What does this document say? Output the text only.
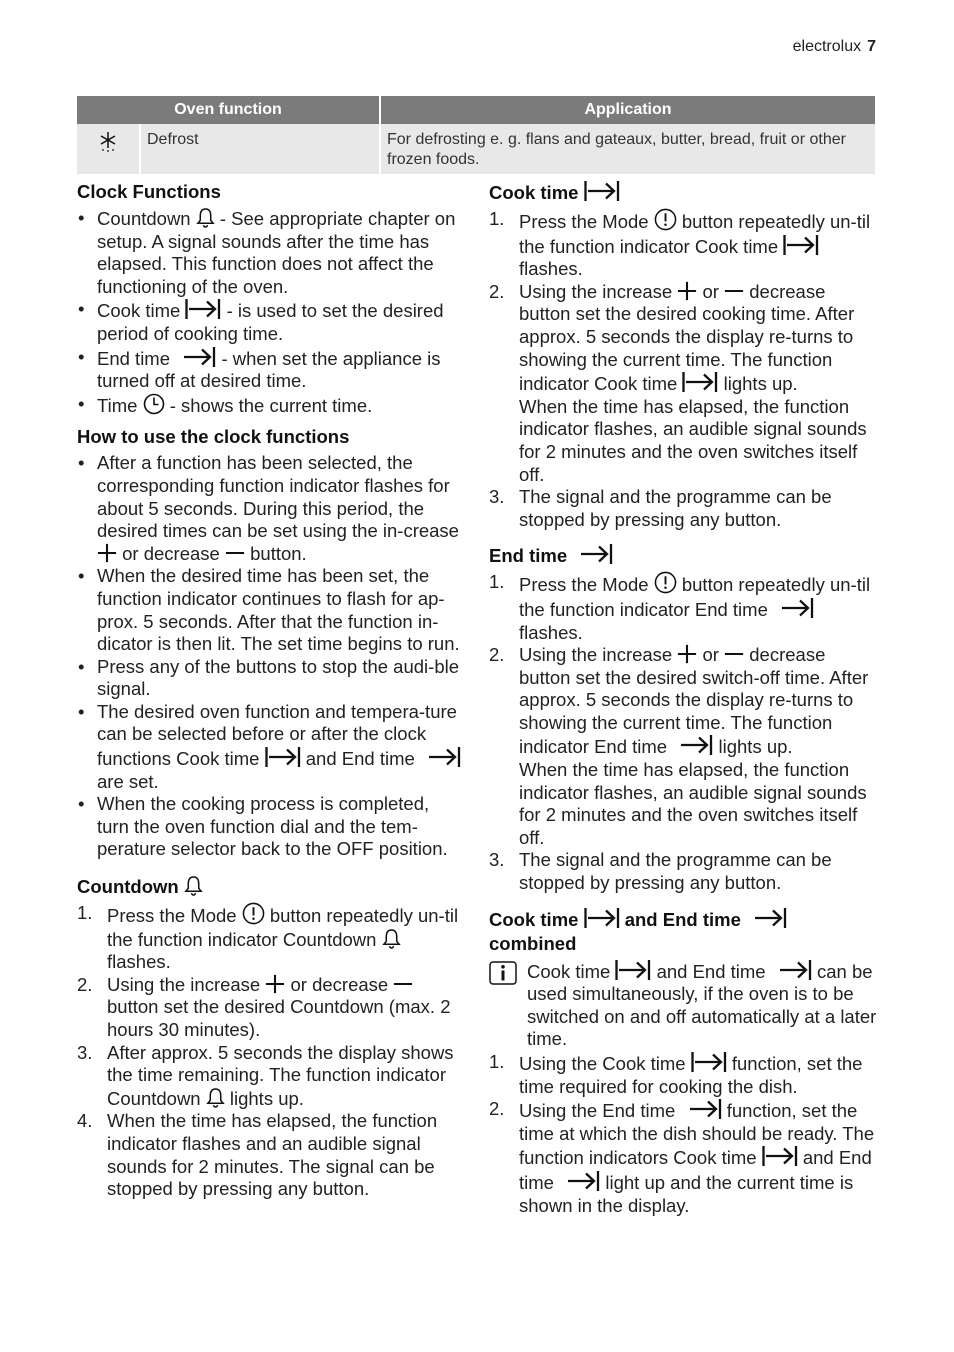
electrolux 7
Oven function		Application
	Defrost	For defrosting e. g. flans and gateaux, butter, bread, fruit or other frozen foods.
Clock Functions
• Countdown - See appropriate chapter on setup. A signal sounds after the time has elapsed. This function does not affect the functioning of the oven.
• Cook time	- is used to set the desired period of cooking time.
• End time	- when set the appliance is turned off at desired time.
• Time - shows the current time.
How to use the clock functions
• After a function has been selected, the corresponding function indicator flashes for about 5 seconds. During this period, the desired times can be set using the in-crease  or decrease button.
• When the desired time has been set, the function indicator continues to flash for ap-prox. 5 seconds. After that the function in-dicator is then lit. The set time begins to run.
• Press any of the buttons to stop the audi-ble signal.
• The desired oven function and tempera-ture can be selected before or after the clock functions Cook time	and End time   are set.
• When the cooking process is completed, turn the oven function dial and the tem-perature selector back to the OFF position.
Countdown
1. Press the Mode button repeatedly un-til the function indicator Countdown  flashes.
2. Using the increase or decrease  button set the desired Countdown (max. 2 hours 30 minutes).
3. After approx. 5 seconds the display shows the time remaining. The function indicator Countdown lights up.
4. When the time has elapsed, the function indicator flashes and an audible signal sounds for 2 minutes. The signal can be stopped by pressing any button.
Cook time
1. Press the Mode button repeatedly un-til the function indicator Cook time  flashes.
2. Using the increase or decrease button set the desired cooking time. After approx. 5 seconds the display re-turns to showing the current time. The function indicator Cook time	lights up.
When the time has elapsed, the function indicator flashes, an audible signal sounds for 2 minutes and the oven switches itself off.
3. The signal and the programme can be stopped by pressing any button.
End time
1. Press the Mode button repeatedly un-til the function indicator End time   flashes.
2. Using the increase or decrease button set the desired switch-off time. After approx. 5 seconds the display re-turns to showing the current time. The function indicator End time	lights up.
When the time has elapsed, the function indicator flashes, an audible signal sounds for 2 minutes and the oven switches itself off.
3. The signal and the programme can be stopped by pressing any button.
Cook time	and End time
combined

Cook time	and End time	can be used simultaneously, if the oven is to be switched on and off automatically at a later time.

1. Using the Cook time	function, set the time required for cooking the dish.
2. Using the End time	function, set the time at which the dish should be ready. The function indicators Cook time	and End time	light up and the current time is shown in the display.
